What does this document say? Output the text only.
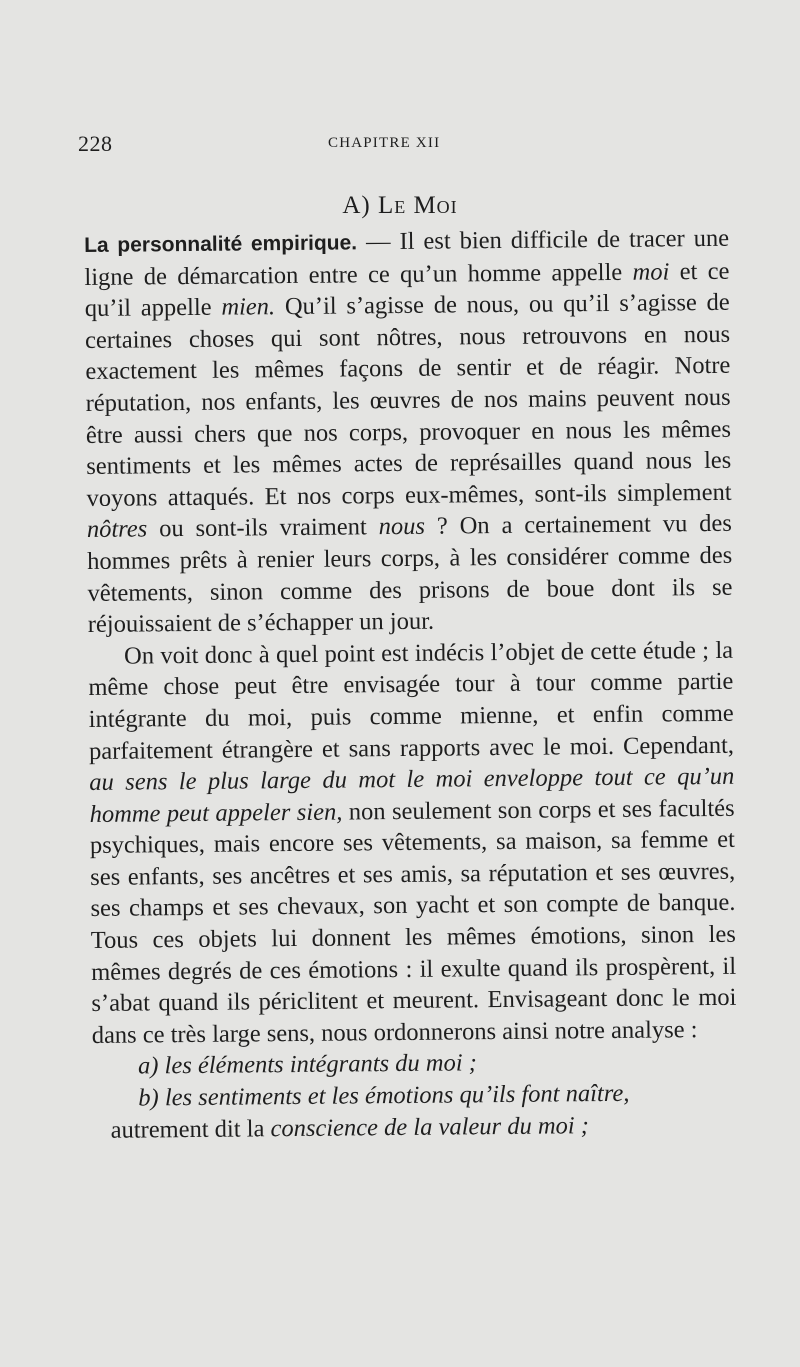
228	CHAPITRE XII
A) Le Moi

La personnalité empirique. — Il est bien difficile de tracer une ligne de démarcation entre ce qu’un homme appelle moi et ce qu’il appelle mien. Qu’il s’agisse de nous, ou qu’il s’agisse de certaines choses qui sont nôtres, nous retrouvons en nous exactement les mêmes façons de sentir et de réagir. Notre réputation, nos enfants, les œuvres de nos mains peuvent nous être aussi chers que nos corps, provoquer en nous les mêmes sentiments et les mêmes actes de représailles quand nous les voyons attaqués. Et nos corps eux-mêmes, sont-ils simplement nôtres ou sont-ils vraiment nous ? On a certainement vu des hommes prêts à renier leurs corps, à les considérer comme des vêtements, sinon comme des prisons de boue dont ils se réjouissaient de s’échapper un jour.

On voit donc à quel point est indécis l’objet de cette étude ; la même chose peut être envisagée tour à tour comme partie intégrante du moi, puis comme mienne, et enfin comme parfaitement étrangère et sans rapports avec le moi. Cependant, au sens le plus large du mot le moi enveloppe tout ce qu’un homme peut appeler sien, non seulement son corps et ses facultés psychiques, mais encore ses vêtements, sa maison, sa femme et ses enfants, ses ancêtres et ses amis, sa réputation et ses œuvres, ses champs et ses chevaux, son yacht et son compte de banque. Tous ces objets lui donnent les mêmes émotions, sinon les mêmes degrés de ces émotions : il exulte quand ils prospèrent, il s’abat quand ils périclitent et meurent. Envisageant donc le moi dans ce très large sens, nous ordonnerons ainsi notre analyse :

a) les éléments intégrants du moi ;

b) les sentiments et les émotions qu’ils font naître,

autrement dit la conscience de la valeur du moi ;
